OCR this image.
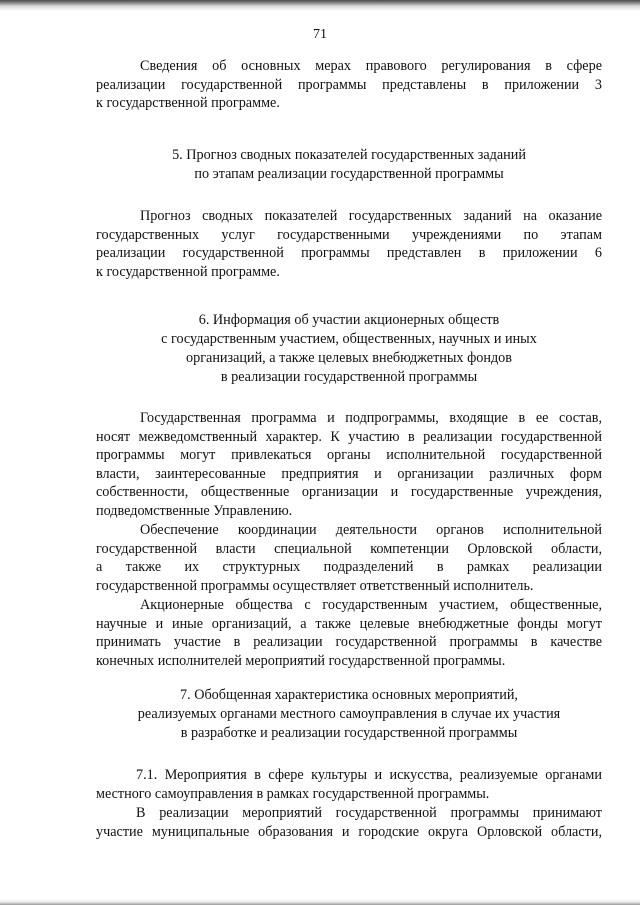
71
Сведения об основных мерах правового регулирования в сфере
реализации государственной программы представлены в приложении 3
к государственной программе.
5. Прогноз сводных показателей государственных заданий
по этапам реализации государственной программы
Прогноз сводных показателей государственных заданий на оказание
государственных услуг государственными учреждениями по этапам
реализации государственной программы представлен в приложении 6
к государственной программе.
6. Информация об участии акционерных обществ
с государственным участием, общественных, научных и иных
организаций, а также целевых внебюджетных фондов
в реализации государственной программы
Государственная программа и подпрограммы, входящие в ее состав,
носят межведомственный характер. К участию в реализации государственной
программы могут привлекаться органы исполнительной государственной
власти, заинтересованные предприятия и организации различных форм
собственности, общественные организации и государственные учреждения,
подведомственные Управлению.
Обеспечение координации деятельности органов исполнительной
государственной власти специальной компетенции Орловской области,
а также их структурных подразделений в рамках реализации
государственной программы осуществляет ответственный исполнитель.
Акционерные общества с государственным участием, общественные,
научные и иные организаций, а также целевые внебюджетные фонды могут
принимать участие в реализации государственной программы в качестве
конечных исполнителей мероприятий государственной программы.
7. Обобщенная характеристика основных мероприятий,
реализуемых органами местного самоуправления в случае их участия
в разработке и реализации государственной программы
7.1. Мероприятия в сфере культуры и искусства, реализуемые органами
местного самоуправления в рамках государственной программы.
В реализации мероприятий государственной программы принимают
участие муниципальные образования и городские округа Орловской области,
